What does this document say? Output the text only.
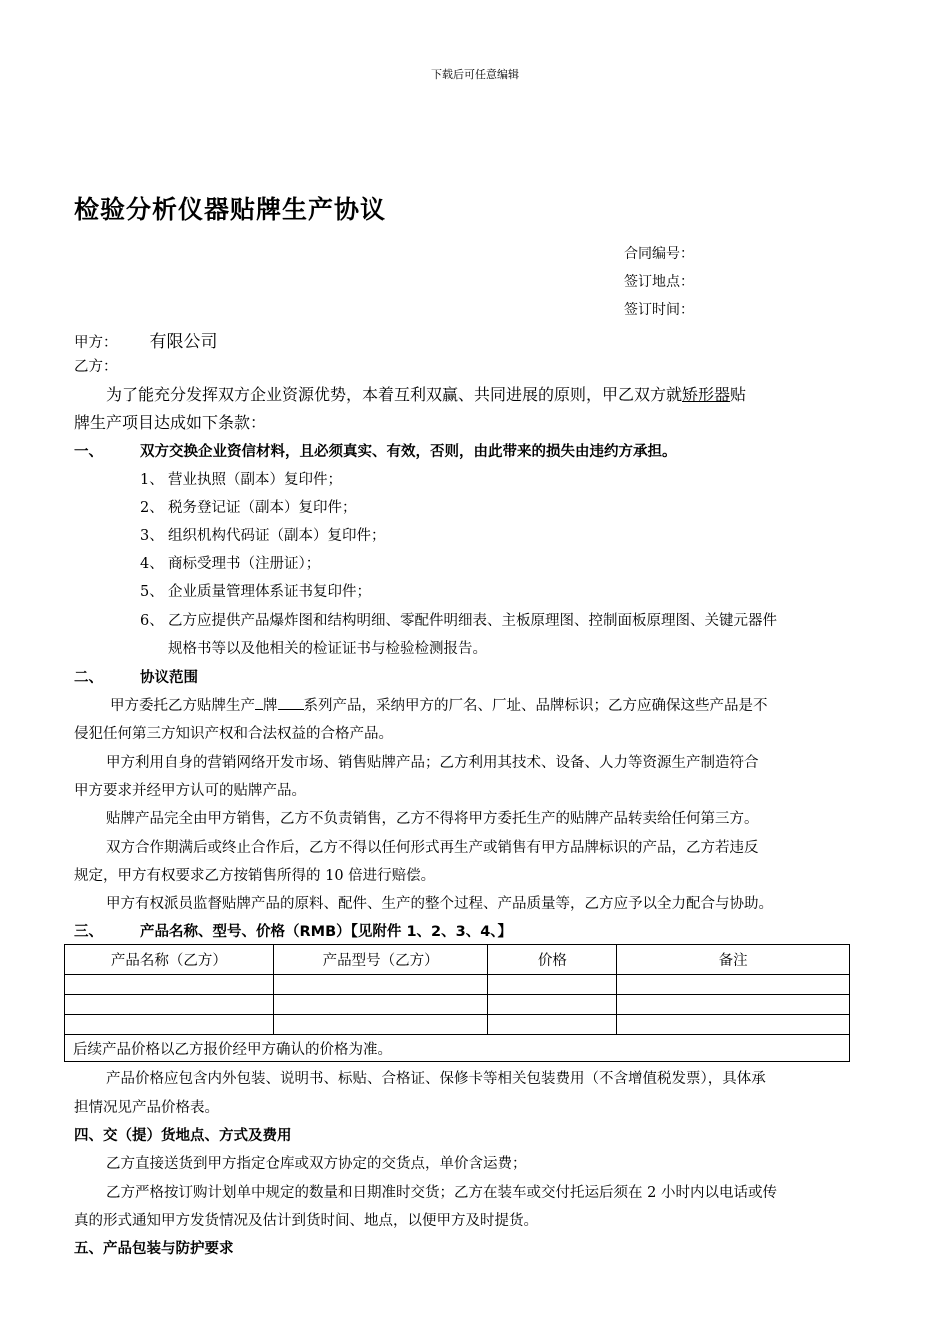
下载后可任意编辑
检验分析仪器贴牌生产协议
合同编号：
签订地点：
签订时间：
甲方： 有限公司
乙方：
为了能充分发挥双方企业资源优势，本着互利双赢、共同进展的原则，甲乙双方就矫形器贴
牌生产项目达成如下条款：
一、	双方交换企业资信材料，且必须真实、有效，否则，由此带来的损失由违约方承担。
1、 营业执照（副本）复印件；
2、 税务登记证（副本）复印件；
3、 组织机构代码证（副本）复印件；
4、 商标受理书（注册证）；
5、 企业质量管理体系证书复印件；
6、 乙方应提供产品爆炸图和结构明细、零配件明细表、主板原理图、控制面板原理图、关键元器件
规格书等以及他相关的检证证书与检验检测报告。
二、	协议范围
甲方委托乙方贴牌生产 牌 系列产品，采纳甲方的厂名、厂址、品牌标识；乙方应确保这些产品是不
侵犯任何第三方知识产权和合法权益的合格产品。
甲方利用自身的营销网络开发市场、销售贴牌产品；乙方利用其技术、设备、人力等资源生产制造符合
甲方要求并经甲方认可的贴牌产品。
贴牌产品完全由甲方销售，乙方不负责销售，乙方不得将甲方委托生产的贴牌产品转卖给任何第三方。
双方合作期满后或终止合作后，乙方不得以任何形式再生产或销售有甲方品牌标识的产品，乙方若违反
规定，甲方有权要求乙方按销售所得的 10 倍进行赔偿。
甲方有权派员监督贴牌产品的原料、配件、生产的整个过程、产品质量等，乙方应予以全力配合与协助。
三、	产品名称、型号、价格（RMB）【见附件 1、2、3、4、】
产品名称（乙方）	产品型号（乙方）	价格	备注

后续产品价格以乙方报价经甲方确认的价格为准。			
产品价格应包含内外包装、说明书、标贴、合格证、保修卡等相关包装费用（不含增值税发票），具体承
担情况见产品价格表。
四、交（提）货地点、方式及费用
乙方直接送货到甲方指定仓库或双方协定的交货点，单价含运费；
乙方严格按订购计划单中规定的数量和日期准时交货；乙方在装车或交付托运后须在 2 小时内以电话或传
真的形式通知甲方发货情况及估计到货时间、地点，以便甲方及时提货。
五、产品包装与防护要求
